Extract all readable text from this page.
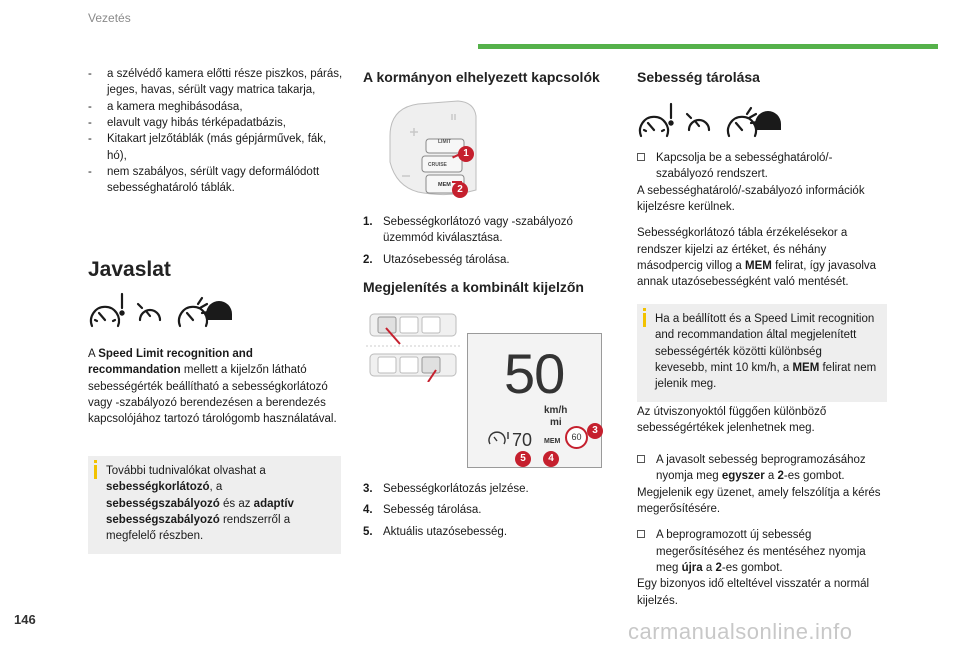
Vezetés
- a szélvédő kamera előtti része piszkos, párás, jeges, havas, sérült vagy matrica takarja,
- a kamera meghibásodása,
- elavult vagy hibás térképadatbázis,
- Kitakart jelzőtáblák (más gépjárművek, fák, hó),
- nem szabályos, sérült vagy deformálódott sebességhatároló táblák.
Javaslat
A Speed Limit recognition and recommandation mellett a kijelzőn látható sebességérték beállítható a sebességkorlátozó vagy -szabályozó berendezésen a berendezés kapcsolójához tartozó tárológomb használatával.
További tudnivalókat olvashat a sebességkorlátozó, a sebességszabályozó és az adaptív sebességszabályozó rendszerről a megfelelő részben.
A kormányon elhelyezett kapcsolók
LIMIT
CRUISE
MEM
1
2
1. Sebességkorlátozó vagy -szabályozó üzemmód kiválasztása.
2. Utazósebesség tárolása.
Megjelenítés a kombinált kijelzőn
50
km/h
mi
70 MEM	60
3
4
5
3. Sebességkorlátozás jelzése.
4. Sebesség tárolása.
5. Aktuális utazósebesség.
Sebesség tárolása
Kapcsolja be a sebességhatároló/-szabályozó rendszert.
A sebességhatároló/-szabályozó információk kijelzésre kerülnek.
Sebességkorlátozó tábla érzékelésekor a rendszer kijelzi az értéket, és néhány másodpercig villog a MEM felirat, így javasolva annak utazósebességként való mentését.
Ha a beállított és a Speed Limit recognition and recommandation által megjelenített sebességérték közötti különbség kevesebb, mint 10 km/h, a MEM felirat nem jelenik meg.
Az útviszonyoktól függően különböző sebességértékek jelenhetnek meg.
A javasolt sebesség beprogramozásához nyomja meg egyszer a 2-es gombot.
Megjelenik egy üzenet, amely felszólítja a kérés megerősítésére.
A beprogramozott új sebesség megerősítéséhez és mentéséhez nyomja meg újra a 2-es gombot.
Egy bizonyos idő elteltével visszatér a normál kijelzés.
146	carmanualsonline.info
